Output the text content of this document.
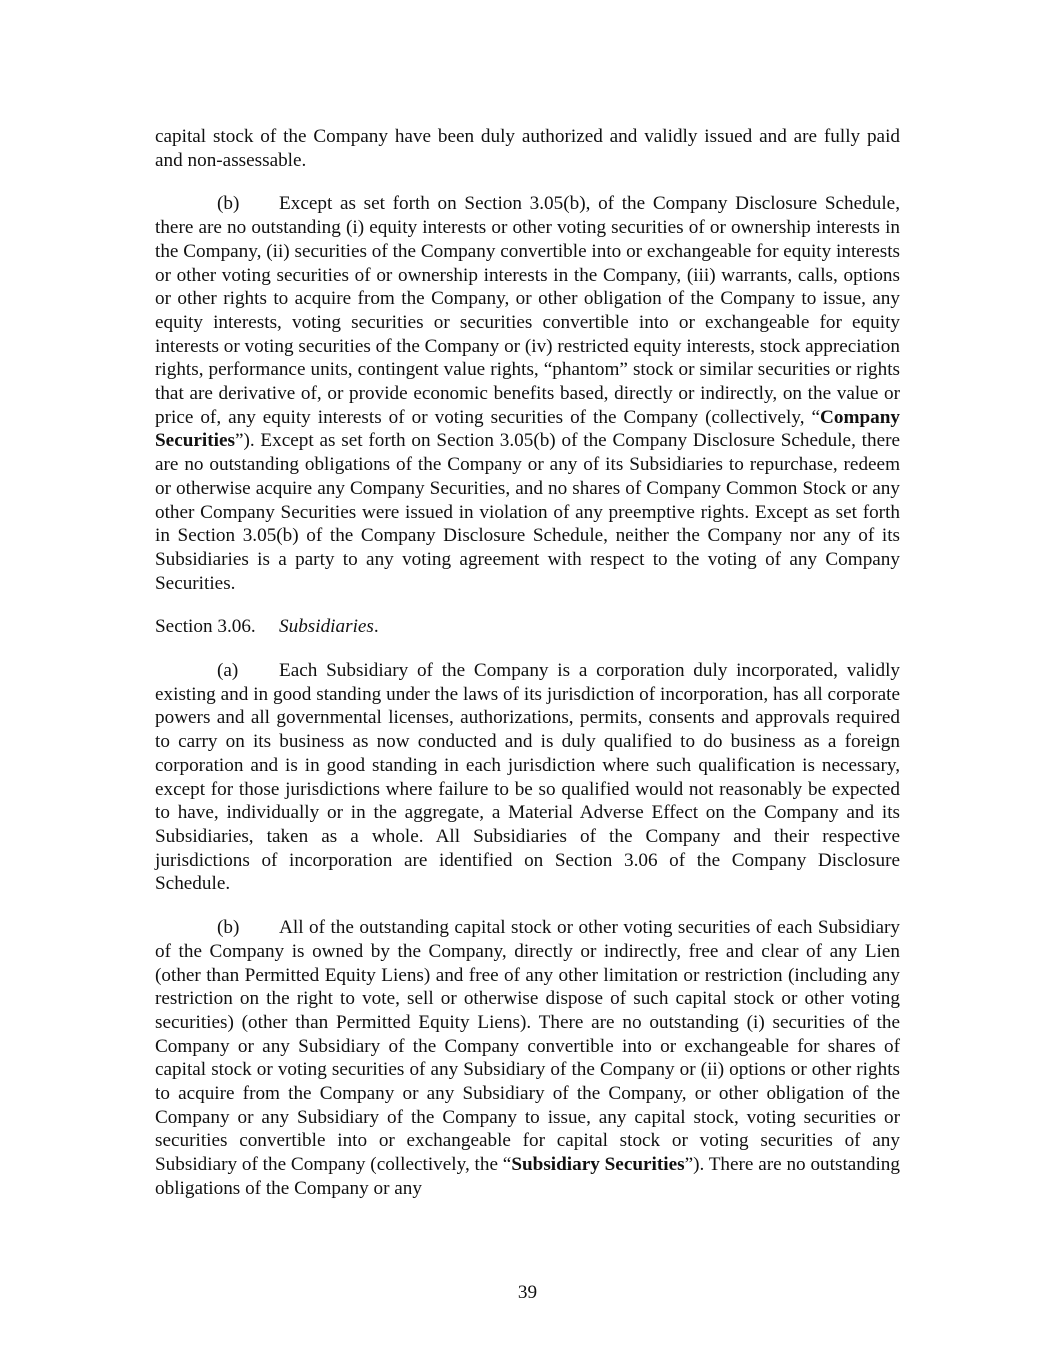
capital stock of the Company have been duly authorized and validly issued and are fully paid and non-assessable.

(b) Except as set forth on Section 3.05(b), of the Company Disclosure Schedule, there are no outstanding (i) equity interests or other voting securities of or ownership interests in the Company, (ii) securities of the Company convertible into or exchangeable for equity interests or other voting securities of or ownership interests in the Company, (iii) warrants, calls, options or other rights to acquire from the Company, or other obligation of the Company to issue, any equity interests, voting securities or securities convertible into or exchangeable for equity interests or voting securities of the Company or (iv) restricted equity interests, stock appreciation rights, performance units, contingent value rights, “phantom” stock or similar securities or rights that are derivative of, or provide economic benefits based, directly or indirectly, on the value or price of, any equity interests of or voting securities of the Company (collectively, “Company Securities”). Except as set forth on Section 3.05(b) of the Company Disclosure Schedule, there are no outstanding obligations of the Company or any of its Subsidiaries to repurchase, redeem or otherwise acquire any Company Securities, and no shares of Company Common Stock or any other Company Securities were issued in violation of any preemptive rights. Except as set forth in Section 3.05(b) of the Company Disclosure Schedule, neither the Company nor any of its Subsidiaries is a party to any voting agreement with respect to the voting of any Company Securities.

Section 3.06. Subsidiaries.

(a) Each Subsidiary of the Company is a corporation duly incorporated, validly existing and in good standing under the laws of its jurisdiction of incorporation, has all corporate powers and all governmental licenses, authorizations, permits, consents and approvals required to carry on its business as now conducted and is duly qualified to do business as a foreign corporation and is in good standing in each jurisdiction where such qualification is necessary, except for those jurisdictions where failure to be so qualified would not reasonably be expected to have, individually or in the aggregate, a Material Adverse Effect on the Company and its Subsidiaries, taken as a whole. All Subsidiaries of the Company and their respective jurisdictions of incorporation are identified on Section 3.06 of the Company Disclosure Schedule.

(b) All of the outstanding capital stock or other voting securities of each Subsidiary of the Company is owned by the Company, directly or indirectly, free and clear of any Lien (other than Permitted Equity Liens) and free of any other limitation or restriction (including any restriction on the right to vote, sell or otherwise dispose of such capital stock or other voting securities) (other than Permitted Equity Liens). There are no outstanding (i) securities of the Company or any Subsidiary of the Company convertible into or exchangeable for shares of capital stock or voting securities of any Subsidiary of the Company or (ii) options or other rights to acquire from the Company or any Subsidiary of the Company, or other obligation of the Company or any Subsidiary of the Company to issue, any capital stock, voting securities or securities convertible into or exchangeable for capital stock or voting securities of any Subsidiary of the Company (collectively, the “Subsidiary Securities”). There are no outstanding obligations of the Company or any

39
